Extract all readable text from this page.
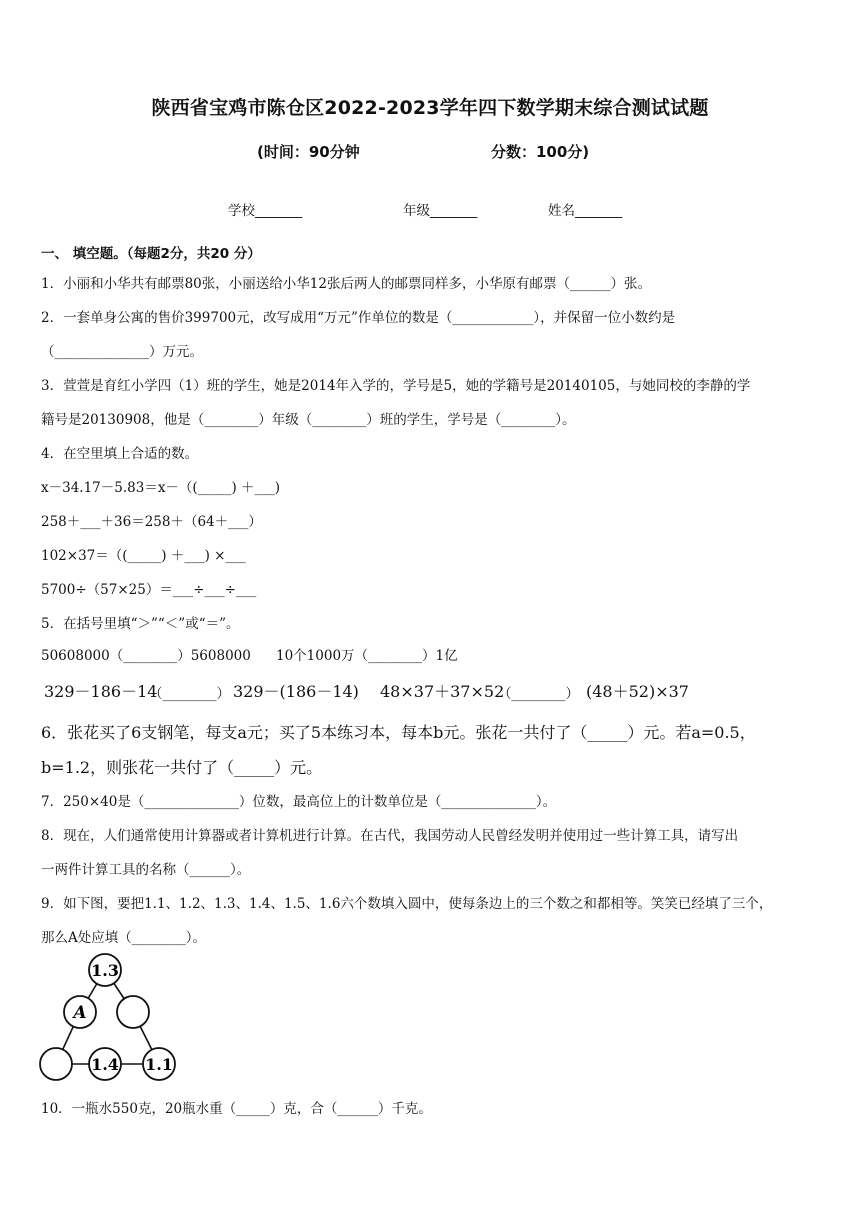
陕西省宝鸡市陈仓区2022-2023学年四下数学期末综合测试试题
(时间：90分钟	分数：100分)
学校_______	年级_______	姓名_______
一、 填空题。（每题2分，共20 分）
1．小丽和小华共有邮票80张，小丽送给小华12张后两人的邮票同样多，小华原有邮票（______）张。
2．一套单身公寓的售价399700元，改写成用“万元”作单位的数是（____________），并保留一位小数约是
（______________）万元。
3．萱萱是育红小学四（1）班的学生，她是2014年入学的，学号是5，她的学籍号是20140105，与她同校的李静的学
籍号是20130908，他是（________）年级（________）班的学生，学号是（________）。
4．在空里填上合适的数。
x－34.17－5.83＝x－（(_____) ＋___)
258＋___＋36＝258＋（64＋___）
102×37＝（(_____) ＋___) ×___
5700÷（57×25）＝___÷___÷___
5．在括号里填“＞”“＜”或“＝”。
50608000（________）5608000 10个1000万（________）1亿
329－186－14
（________） 329－(186－14) 48×37＋37×52
（________） (48＋52)×37
6．张花买了6支钢笔，每支a元；买了5本练习本，每本b元。张花一共付了（_____）元。若a=0.5，
b=1.2，则张花一共付了（_____）元。
7．250×40是（______________）位数，最高位上的计数单位是（______________）。
8．现在，人们通常使用计算器或者计算机进行计算。在古代，我国劳动人民曾经发明并使用过一些计算工具，请写出
一两件计算工具的名称（______）。
9．如下图，要把1.1、1.2、1.3、1.4、1.5、1.6六个数填入圆中，使每条边上的三个数之和都相等。笑笑已经填了三个，
那么A处应填（________）。
1.3
A
1.4 1.1
10．一瓶水550克，20瓶水重（_____）克，合（______）千克。
